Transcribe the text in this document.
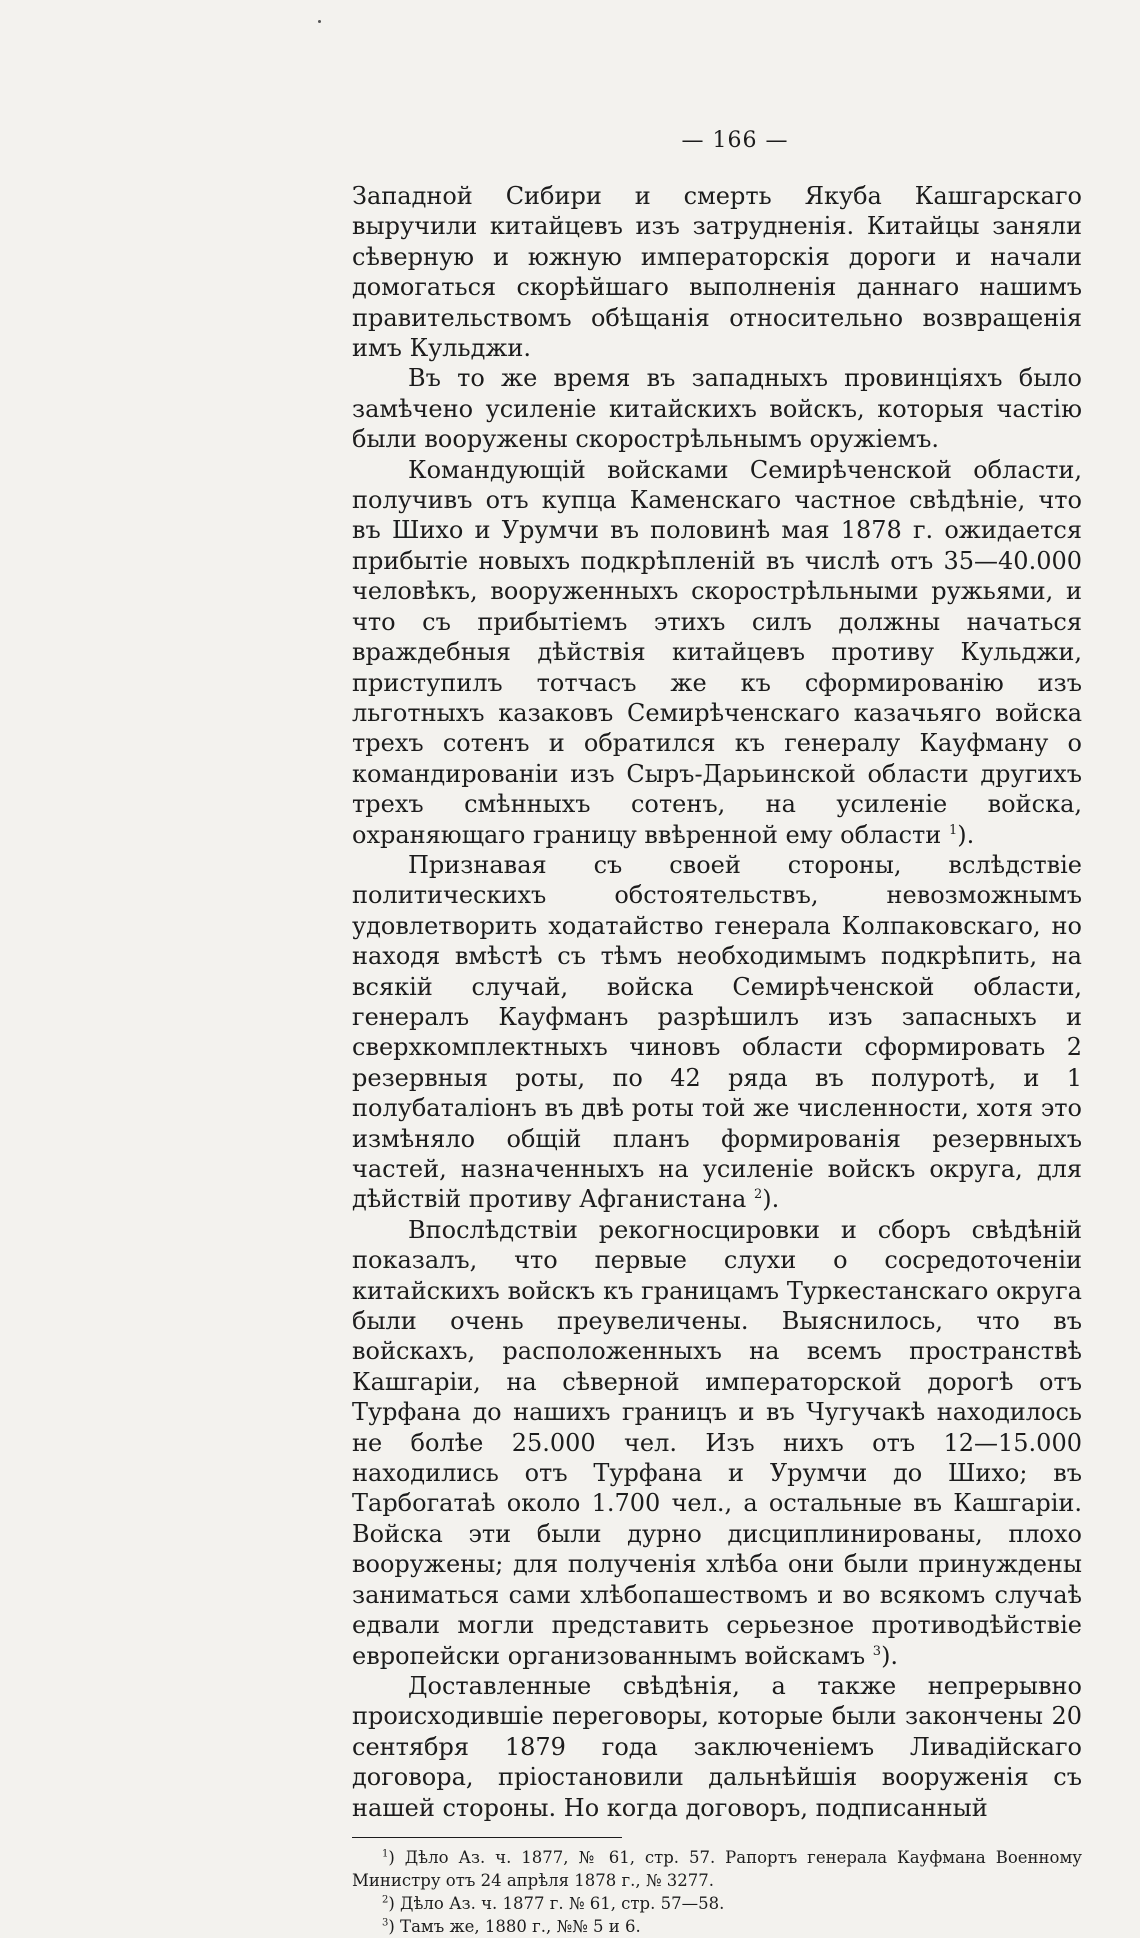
— 166 —

Западной Сибири и смерть Якуба Кашгарскаго выручили китайцевъ изъ затрудненія. Китайцы заняли сѣверную и южную императорскія дороги и начали домогаться скорѣйшаго выполненія даннаго нашимъ правительствомъ обѣщанія относительно возвращенія имъ Кульджи.

Въ то же время въ западныхъ провинціяхъ было замѣчено усиленіе китайскихъ войскъ, которыя частію были вооружены скорострѣльнымъ оружіемъ.

Командующій войсками Семирѣченской области, получивъ отъ купца Каменскаго частное свѣдѣніе, что въ Шихо и Урумчи въ половинѣ мая 1878 г. ожидается прибытіе новыхъ подкрѣпленій въ числѣ отъ 35—40.000 человѣкъ, вооруженныхъ скорострѣльными ружьями, и что съ прибытіемъ этихъ силъ должны начаться враждебныя дѣйствія китайцевъ противу Кульджи, приступилъ тотчасъ же къ сформированію изъ льготныхъ казаковъ Семирѣченскаго казачьяго войска трехъ сотенъ и обратился къ генералу Кауфману о командированіи изъ Сыръ-Дарьинской области другихъ трехъ смѣнныхъ сотенъ, на усиленіе войска, охраняющаго границу ввѣренной ему области $^1$).

Признавая съ своей стороны, вслѣдствіе политическихъ обстоятельствъ, невозможнымъ удовлетворить ходатайство генерала Колпаковскаго, но находя вмѣстѣ съ тѣмъ необходимымъ подкрѣпить, на всякій случай, войска Семирѣченской области, генералъ Кауфманъ разрѣшилъ изъ запасныхъ и сверхкомплектныхъ чиновъ области сформировать 2 резервныя роты, по 42 ряда въ полуротѣ, и 1 полубаталіонъ въ двѣ роты той же численности, хотя это измѣняло общій планъ формированія резервныхъ частей, назначенныхъ на усиленіе войскъ округа, для дѣйствій противу Афганистана $^2$).

Впослѣдствіи рекогносцировки и сборъ свѣдѣній показалъ, что первые слухи о сосредоточеніи китайскихъ войскъ къ границамъ Туркестанскаго округа были очень преувеличены. Выяснилось, что въ войскахъ, расположенныхъ на всемъ пространствѣ Кашгаріи, на сѣверной императорской дорогѣ отъ Турфана до нашихъ границъ и въ Чугучакѣ находилось не болѣе 25.000 чел. Изъ нихъ отъ 12—15.000 находились отъ Турфана и Урумчи до Шихо; въ Тарбогатаѣ около 1.700 чел., а остальные въ Кашгаріи. Войска эти были дурно дисциплинированы, плохо вооружены; для полученія хлѣба они были принуждены заниматься сами хлѣбопашествомъ и во всякомъ случаѣ едвали могли представить серьезное противодѣйствіе европейски организованнымъ войскамъ $^3$).

Доставленные свѣдѣнія, а также непрерывно происходившіе переговоры, которые были закончены 20 сентября 1879 года заключеніемъ Ливадійскаго договора, пріостановили дальнѣйшія вооруженія съ нашей стороны. Но когда договоръ, подписанный

$^1$) Дѣло Аз. ч. 1877, № 61, стр. 57. Рапортъ генерала Кауфмана Военному Министру отъ 24 апрѣля 1878 г., № 3277.

$^2$) Дѣло Аз. ч. 1877 г. № 61, стр. 57—58.

$^3$) Тамъ же, 1880 г., №№ 5 и 6.
